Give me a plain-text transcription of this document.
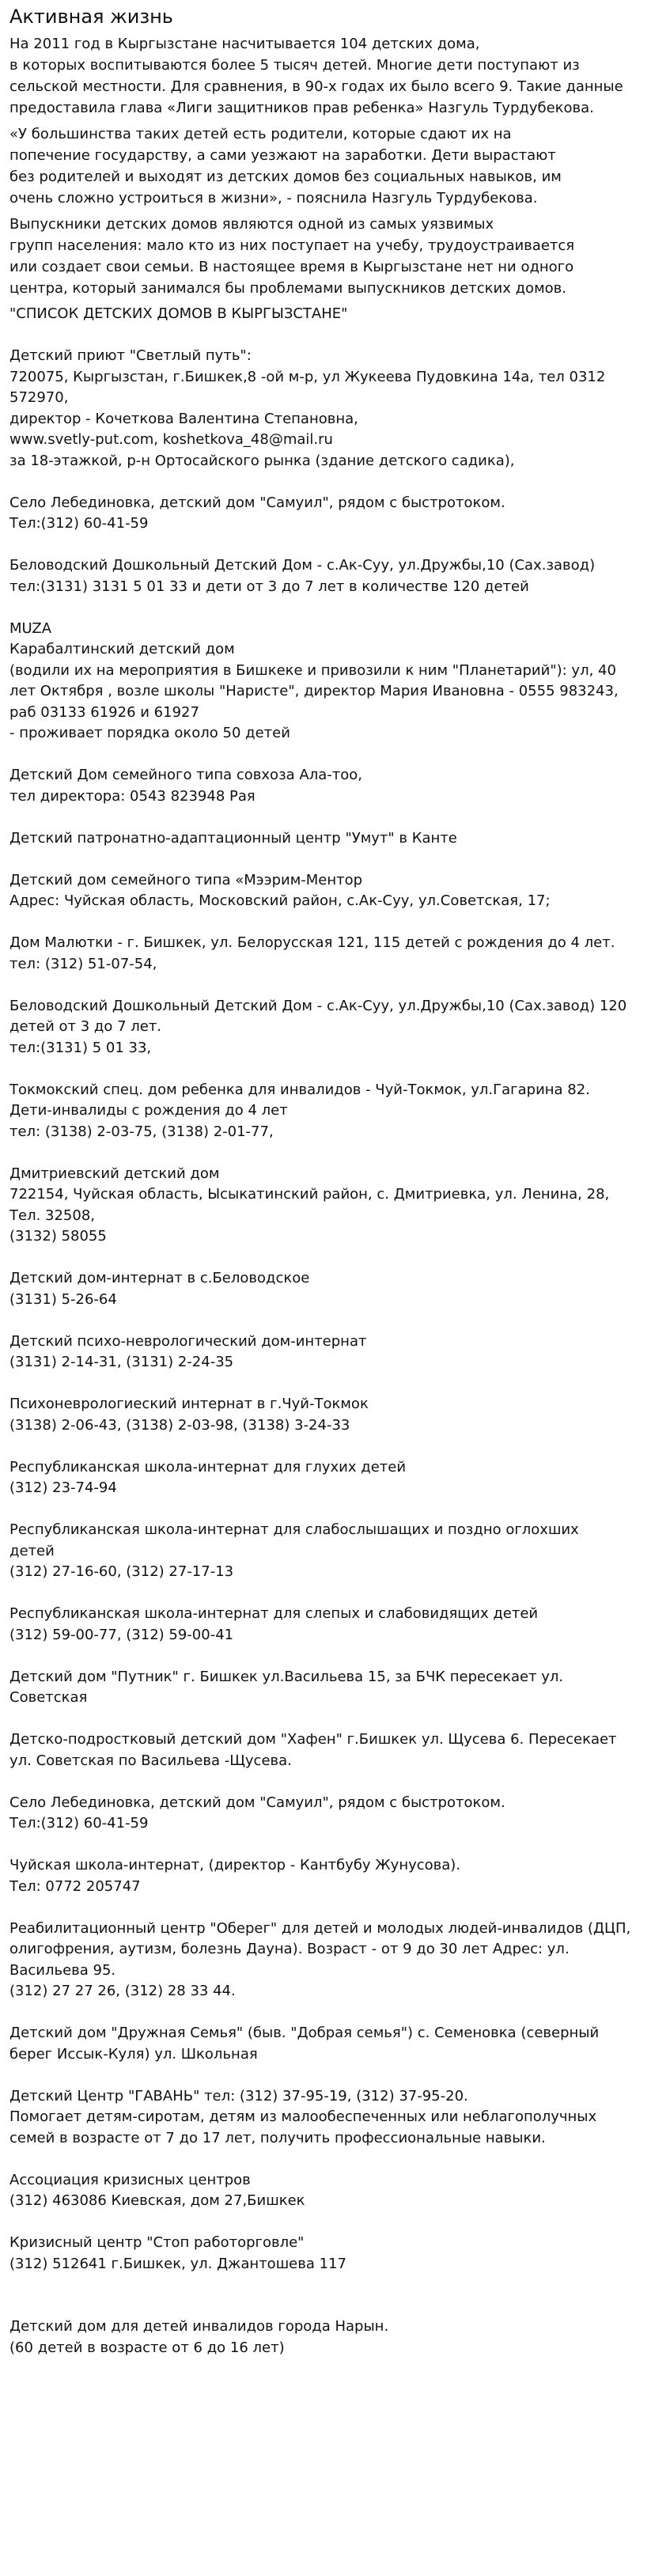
Активная жизнь

На 2011 год в Кыргызстане насчитывается 104 детских дома,
в которых воспитываются более 5 тысяч детей. Многие дети поступают из
сельской местности. Для сравнения, в 90-х годах их было всего 9. Такие данные
предоставила глава «Лиги защитников прав ребенка» Назгуль Турдубекова.

«У большинства таких детей есть родители, которые сдают их на
попечение государству, а сами уезжают на заработки. Дети вырастают
без родителей и выходят из детских домов без социальных навыков, им
очень сложно устроиться в жизни», - пояснила Назгуль Турдубекова.

Выпускники детских домов являются одной из самых уязвимых
групп населения: мало кто из них поступает на учебу, трудоустраивается
или создает свои семьи. В настоящее время в Кыргызстане нет ни одного
центра, который занимался бы проблемами выпускников детских домов.

"СПИСОК ДЕТСКИХ ДОМОВ В КЫРГЫЗСТАНЕ"

Детский приют "Светлый путь":
720075, Кыргызстан, г.Бишкек,8 -ой м-р, ул Жукеева Пудовкина 14а, тел 0312
572970,
директор - Кочеткова Валентина Степановна,
www.svetly-put.com, koshetkova_48@mail.ru
за 18-этажкой, р-н Ортосайского рынка (здание детского садика),

Село Лебединовка, детский дом "Самуил", рядом с быстротоком.
Тел:(312) 60-41-59

Беловодский Дошкольный Детский Дом - с.Ак-Суу, ул.Дружбы,10 (Сах.завод)
тел:(3131) 3131 5 01 33 и дети от 3 до 7 лет в количестве 120 детей

MUZA
Карабалтинский детский дом
(водили их на мероприятия в Бишкеке и привозили к ним "Планетарий"): ул, 40
лет Октября , возле школы "Наристе", директор Мария Ивановна - 0555 983243,
раб 03133 61926 и 61927
- проживает порядка около 50 детей

Детский Дом семейного типа совхоза Ала-тоо,
тел директора: 0543 823948 Рая

Детский патронатно-адаптационный центр "Умут" в Канте

Детский дом семейного типа «Мээрим-Ментор
Адрес: Чуйская область, Московский район, с.Ак-Суу, ул.Советская, 17;

Дом Малютки - г. Бишкек, ул. Белорусская 121, 115 детей с рождения до 4 лет.
тел: (312) 51-07-54,

Беловодский Дошкольный Детский Дом - с.Ак-Суу, ул.Дружбы,10 (Сах.завод) 120
детей от 3 до 7 лет.
тел:(3131) 5 01 33,

Токмокский спец. дом ребенка для инвалидов - Чуй-Токмок, ул.Гагарина 82.
Дети-инвалиды с рождения до 4 лет
тел: (3138) 2-03-75, (3138) 2-01-77,

Дмитриевский детский дом
722154, Чуйская область, Ысыкатинский район, с. Дмитриевка, ул. Ленина, 28,
Тел. 32508,
(3132) 58055

Детский дом-интернат в с.Беловодское
(3131) 5-26-64

Детский психо-неврологический дом-интернат
(3131) 2-14-31, (3131) 2-24-35

Психоневрологиеский интернат в г.Чуй-Токмок
(3138) 2-06-43, (3138) 2-03-98, (3138) 3-24-33

Республиканская школа-интернат для глухих детей
(312) 23-74-94

Республиканская школа-интернат для слабослышащих и поздно оглохших
детей
(312) 27-16-60, (312) 27-17-13

Республиканская школа-интернат для слепых и слабовидящих детей
(312) 59-00-77, (312) 59-00-41

Детский дом "Путник" г. Бишкек ул.Васильева 15, за БЧК пересекает ул.
Советская

Детско-подростковый детский дом "Хафен" г.Бишкек ул. Щусева 6. Пересекает
ул. Советская по Васильева -Щусева.

Село Лебединовка, детский дом "Самуил", рядом с быстротоком.
Тел:(312) 60-41-59

Чуйская школа-интернат, (директор - Кантбубу Жунусова).
Тел: 0772 205747

Реабилитационный центр "Оберег" для детей и молодых людей-инвалидов (ДЦП,
олигофрения, аутизм, болезнь Дауна). Возраст - от 9 до 30 лет Адрес: ул.
Васильева 95.
(312) 27 27 26, (312) 28 33 44.

Детский дом "Дружная Семья" (быв. "Добрая семья") с. Семеновка (северный
берег Иссык-Куля) ул. Школьная

Детский Центр "ГАВАНЬ" тел: (312) 37-95-19, (312) 37-95-20.
Помогает детям-сиротам, детям из малообеспеченных или неблагополучных
семей в возрасте от 7 до 17 лет, получить профессиональные навыки.

Ассоциация кризисных центров
(312) 463086 Киевская, дом 27,Бишкек

Кризисный центр "Стоп работорговле"
(312) 512641 г.Бишкек, ул. Джантошева 117

Детский дом для детей инвалидов города Нарын.
(60 детей в возрасте от 6 до 16 лет)
